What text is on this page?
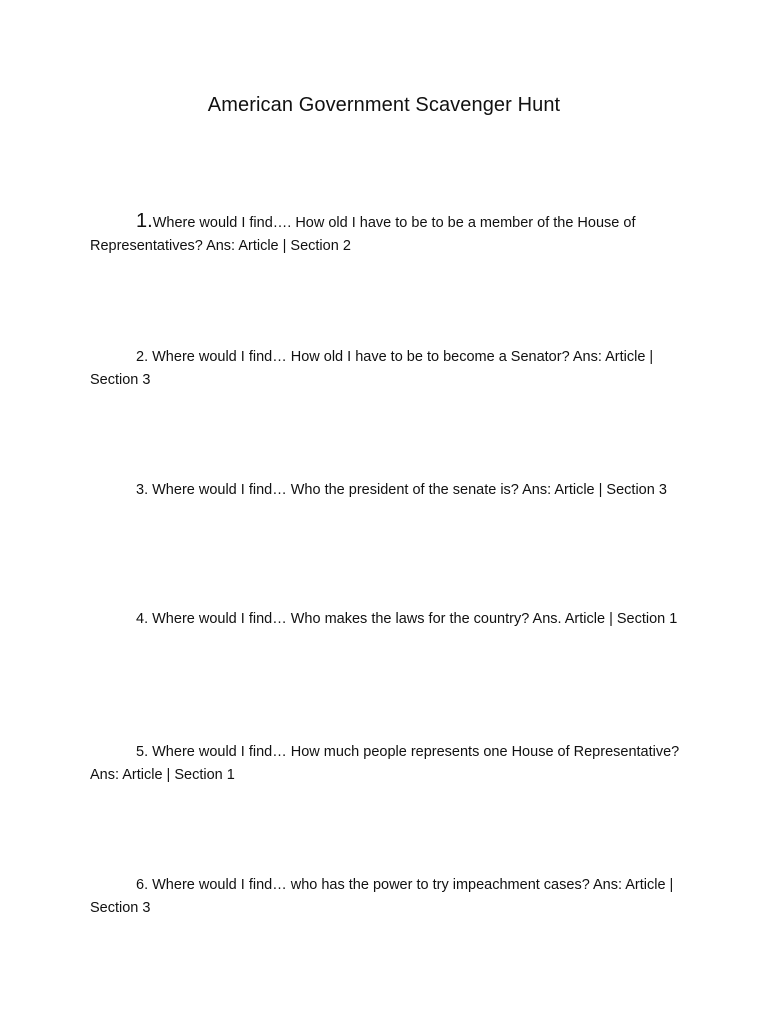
American Government Scavenger Hunt
1.Where would I find…. How old I have to be to be a member of the House of Representatives? Ans: Article | Section 2
2. Where would I find… How old I have to be to become a Senator? Ans: Article | Section 3
3. Where would I find… Who the president of the senate is? Ans: Article | Section 3
4. Where would I find… Who makes the laws for the country? Ans. Article | Section 1
5. Where would I find… How much people represents one House of Representative? Ans: Article | Section 1
6. Where would I find… who has the power to try impeachment cases? Ans: Article | Section 3
